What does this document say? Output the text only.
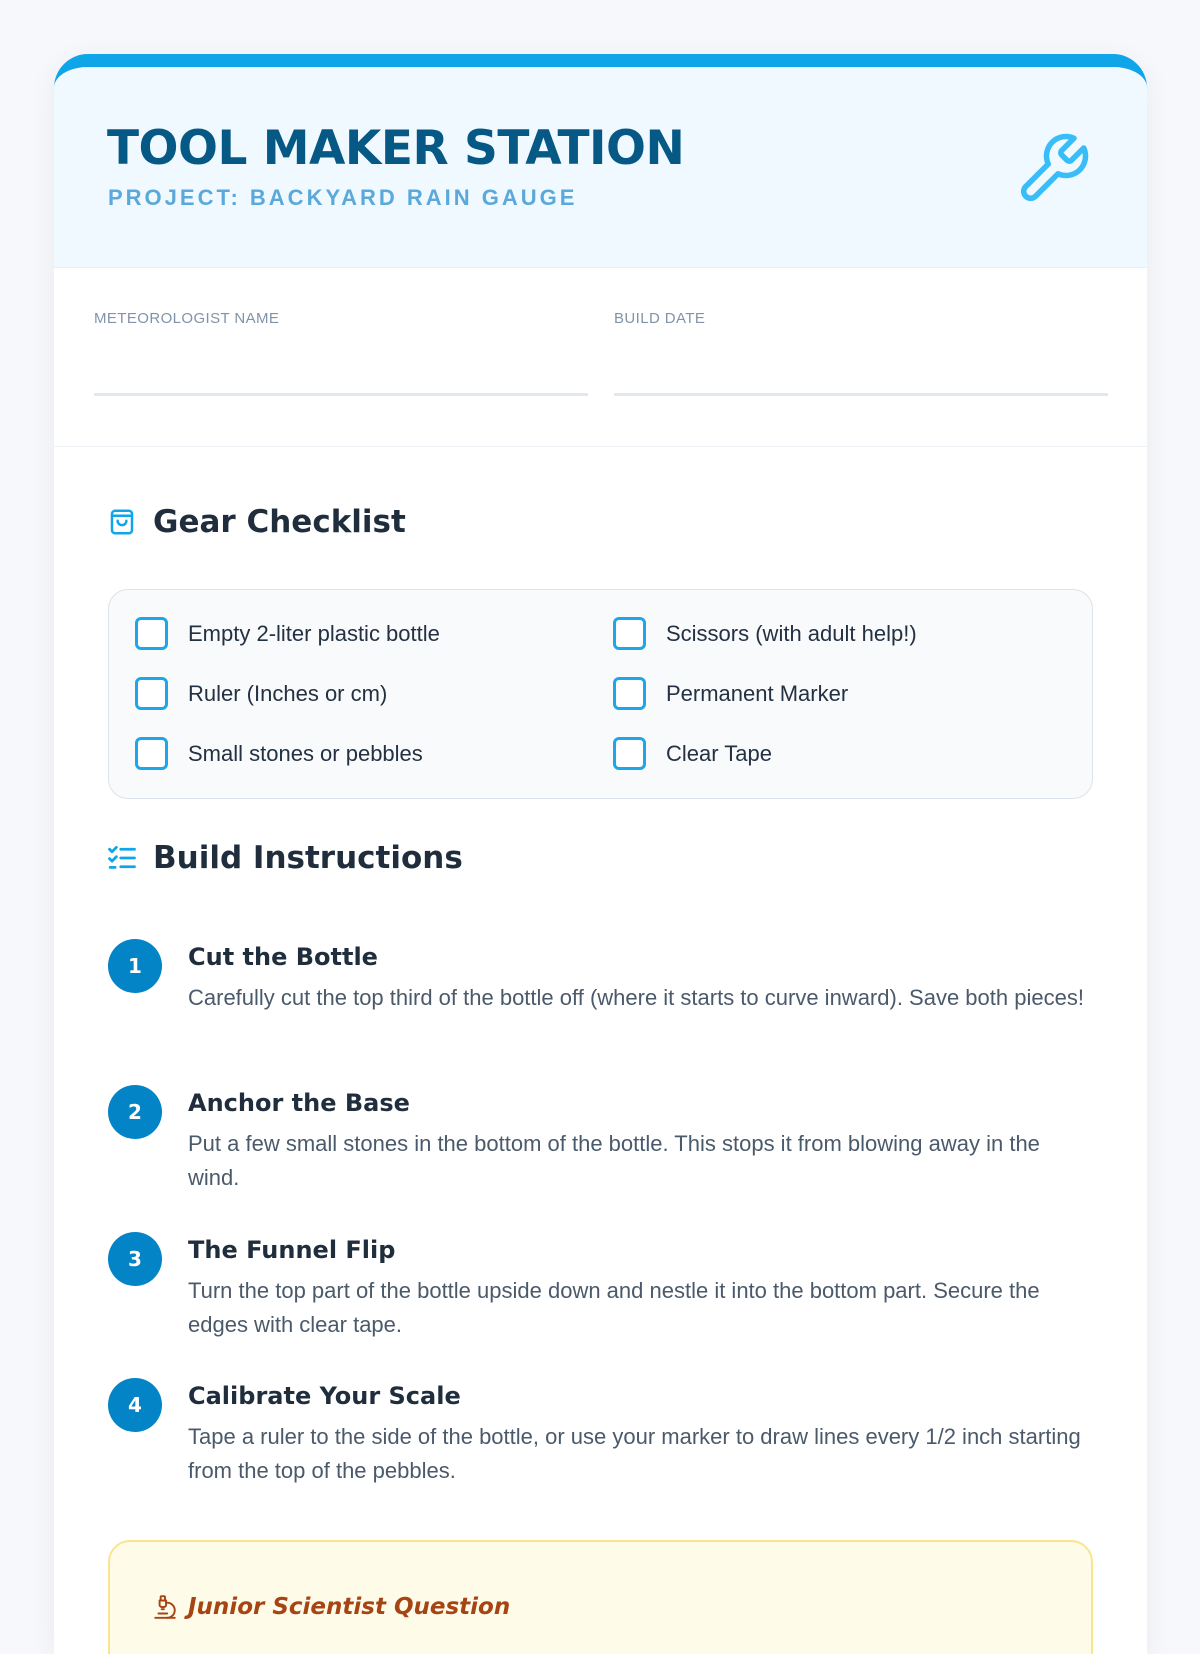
TOOL MAKER STATION
PROJECT: BACKYARD RAIN GAUGE
METEOROLOGIST NAME	BUILD DATE
Gear Checklist
Empty 2-liter plastic bottle	Scissors (with adult help!)
Ruler (Inches or cm)	Permanent Marker
Small stones or pebbles	Clear Tape
Build Instructions
1	Cut the Bottle
Carefully cut the top third of the bottle off (where it starts to curve inward). Save both pieces!
2	Anchor the Base
Put a few small stones in the bottom of the bottle. This stops it from blowing away in the wind.
3	The Funnel Flip
Turn the top part of the bottle upside down and nestle it into the bottom part. Secure the edges with clear tape.
4	Calibrate Your Scale
Tape a ruler to the side of the bottle, or use your marker to draw lines every 1/2 inch starting from the top of the pebbles.
Junior Scientist Question
